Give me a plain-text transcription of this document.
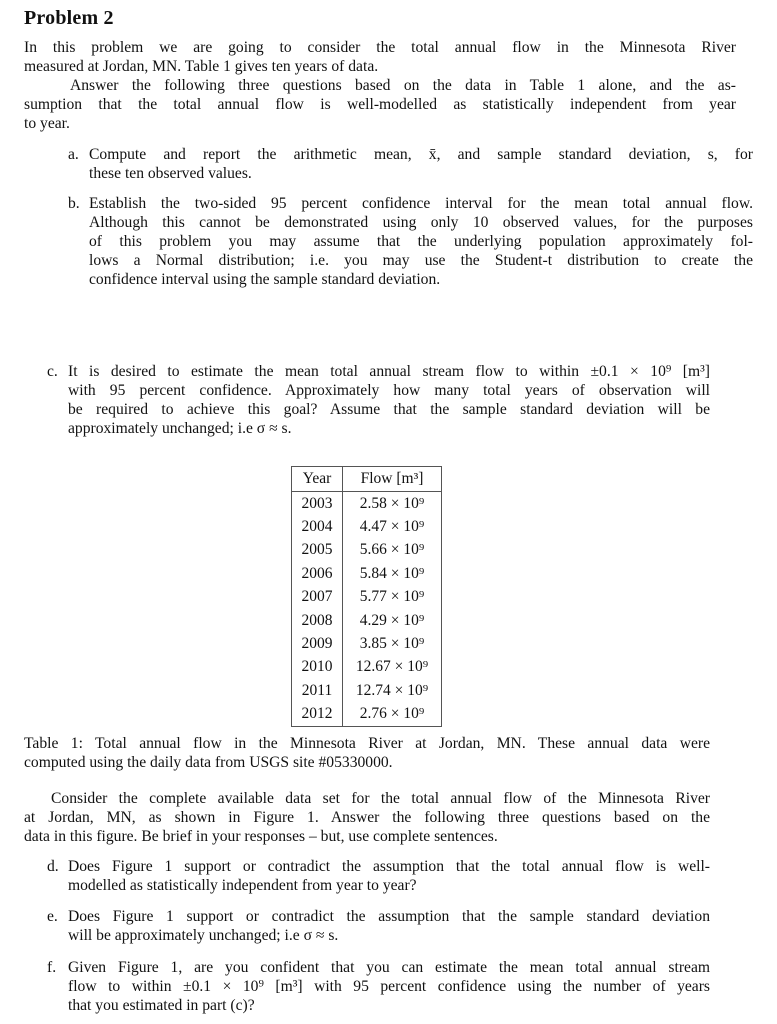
Problem 2
In this problem we are going to consider the total annual flow in the Minnesota River
measured at Jordan, MN. Table 1 gives ten years of data.
Answer the following three questions based on the data in Table 1 alone, and the as-
sumption that the total annual flow is well-modelled as statistically independent from year
to year.
a. Compute and report the arithmetic mean, x̄, and sample standard deviation, s, for
these ten observed values.
b. Establish the two-sided 95 percent confidence interval for the mean total annual flow.
Although this cannot be demonstrated using only 10 observed values, for the purposes
of this problem you may assume that the underlying population approximately fol-
lows a Normal distribution; i.e. you may use the Student-t distribution to create the
confidence interval using the sample standard deviation.
c. It is desired to estimate the mean total annual stream flow to within ±0.1 × 10⁹ [m³]
with 95 percent confidence. Approximately how many total years of observation will
be required to achieve this goal? Assume that the sample standard deviation will be
approximately unchanged; i.e σ ≈ s.
Year	Flow [m³]
2003	2.58 × 10⁹
2004	4.47 × 10⁹
2005	5.66 × 10⁹
2006	5.84 × 10⁹
2007	5.77 × 10⁹
2008	4.29 × 10⁹
2009	3.85 × 10⁹
2010	12.67 × 10⁹
2011	12.74 × 10⁹
2012	2.76 × 10⁹
Table 1: Total annual flow in the Minnesota River at Jordan, MN. These annual data were
computed using the daily data from USGS site #05330000.
Consider the complete available data set for the total annual flow of the Minnesota River
at Jordan, MN, as shown in Figure 1. Answer the following three questions based on the
data in this figure. Be brief in your responses – but, use complete sentences.
d. Does Figure 1 support or contradict the assumption that the total annual flow is well-
modelled as statistically independent from year to year?
e. Does Figure 1 support or contradict the assumption that the sample standard deviation
will be approximately unchanged; i.e σ ≈ s.
f. Given Figure 1, are you confident that you can estimate the mean total annual stream
flow to within ±0.1 × 10⁹ [m³] with 95 percent confidence using the number of years
that you estimated in part (c)?
